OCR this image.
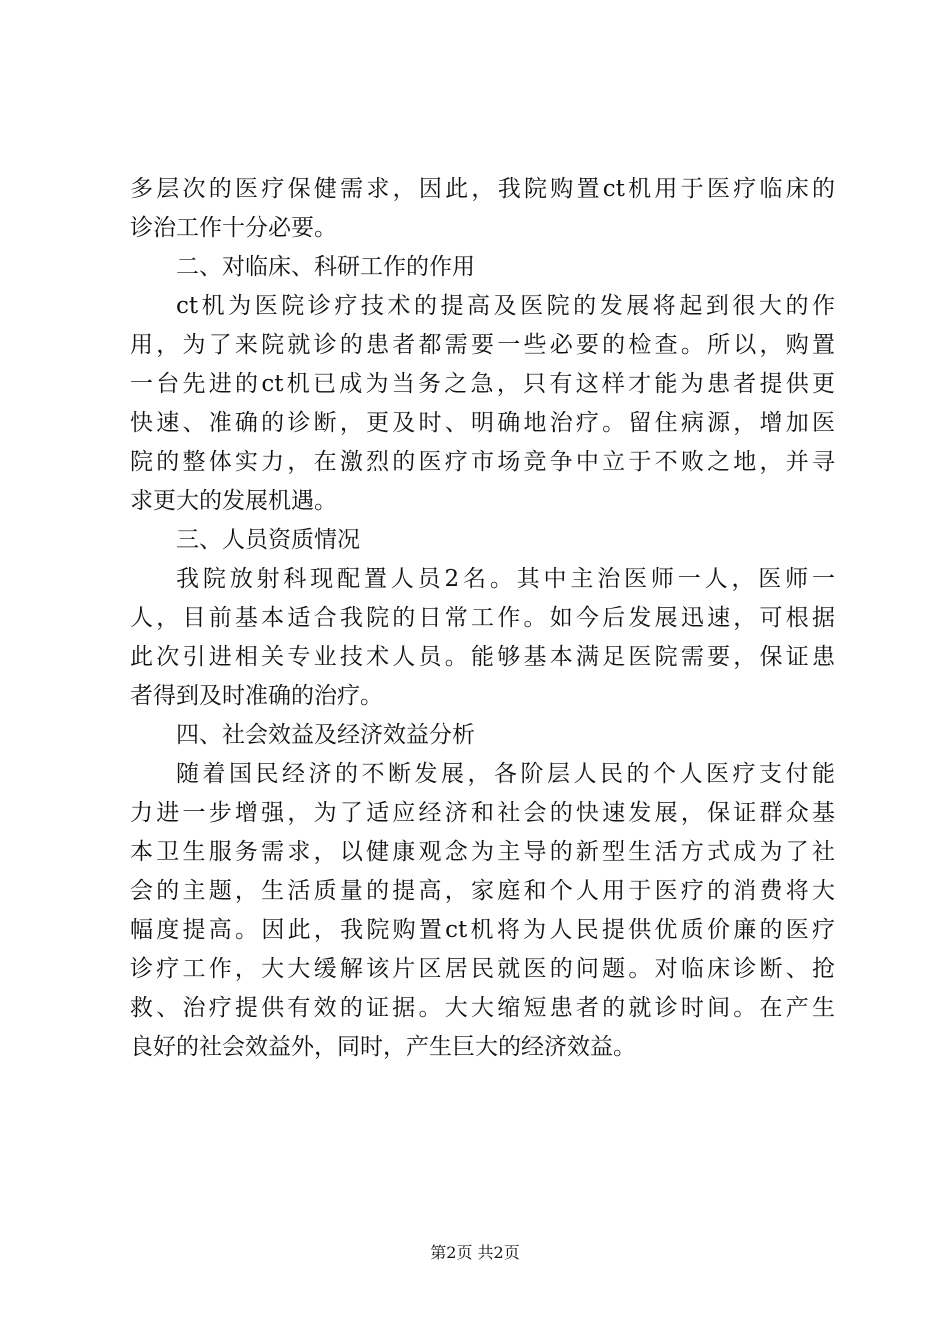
多层次的医疗保健需求，因此，我院购置ct机用于医疗临床的
诊治工作十分必要。
二、对临床、科研工作的作用
ct机为医院诊疗技术的提高及医院的发展将起到很大的作
用，为了来院就诊的患者都需要一些必要的检查。所以，购置
一台先进的ct机已成为当务之急，只有这样才能为患者提供更
快速、准确的诊断，更及时、明确地治疗。留住病源，增加医
院的整体实力，在激烈的医疗市场竞争中立于不败之地，并寻
求更大的发展机遇。
三、人员资质情况
我院放射科现配置人员2名。其中主治医师一人，医师一
人，目前基本适合我院的日常工作。如今后发展迅速，可根据
此次引进相关专业技术人员。能够基本满足医院需要，保证患
者得到及时准确的治疗。
四、社会效益及经济效益分析
随着国民经济的不断发展，各阶层人民的个人医疗支付能
力进一步增强，为了适应经济和社会的快速发展，保证群众基
本卫生服务需求，以健康观念为主导的新型生活方式成为了社
会的主题，生活质量的提高，家庭和个人用于医疗的消费将大
幅度提高。因此，我院购置ct机将为人民提供优质价廉的医疗
诊疗工作，大大缓解该片区居民就医的问题。对临床诊断、抢
救、治疗提供有效的证据。大大缩短患者的就诊时间。在产生
良好的社会效益外，同时，产生巨大的经济效益。
第2页 共2页
